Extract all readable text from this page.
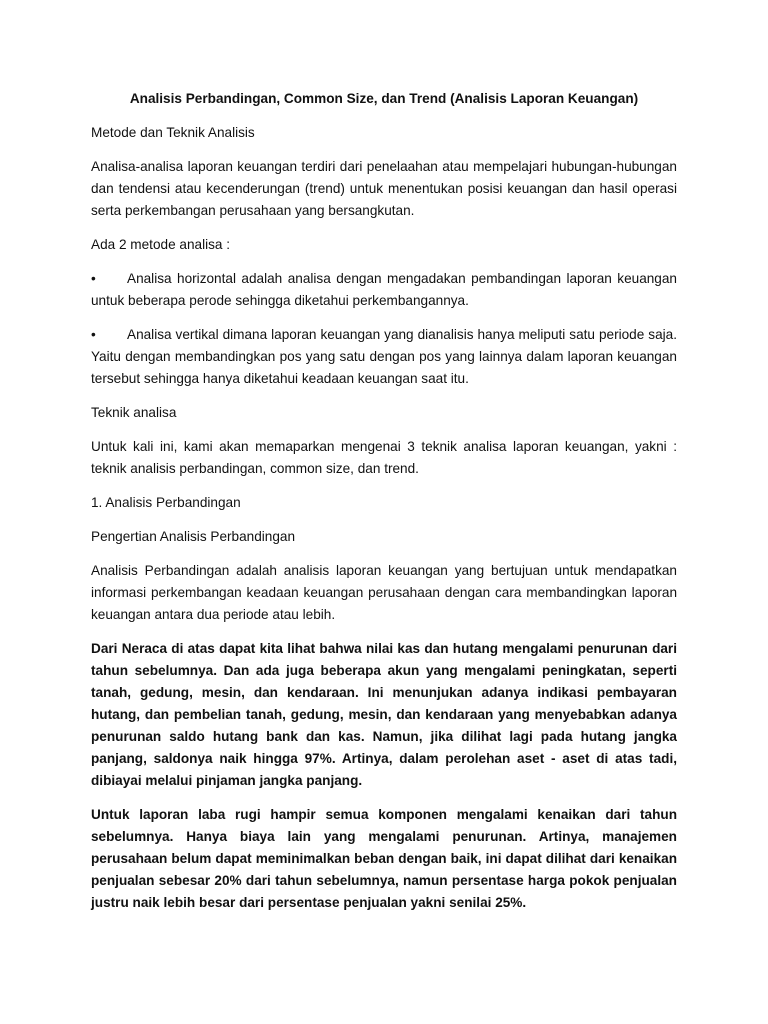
Analisis Perbandingan, Common Size, dan Trend (Analisis Laporan Keuangan)
Metode dan Teknik Analisis
Analisa-analisa laporan keuangan terdiri dari penelaahan atau mempelajari hubungan-hubungan dan tendensi atau kecenderungan (trend) untuk menentukan posisi keuangan dan hasil operasi serta perkembangan perusahaan yang bersangkutan.
Ada 2 metode analisa :
• Analisa horizontal adalah analisa dengan mengadakan pembandingan laporan keuangan untuk beberapa perode sehingga diketahui perkembangannya.
• Analisa vertikal dimana laporan keuangan yang dianalisis hanya meliputi satu periode saja. Yaitu dengan membandingkan pos yang satu dengan pos yang lainnya dalam laporan keuangan tersebut sehingga hanya diketahui keadaan keuangan saat itu.
Teknik analisa
Untuk kali ini, kami akan memaparkan mengenai 3 teknik analisa laporan keuangan, yakni : teknik analisis perbandingan, common size, dan trend.
1. Analisis Perbandingan
Pengertian Analisis Perbandingan
Analisis Perbandingan adalah analisis laporan keuangan yang bertujuan untuk mendapatkan informasi perkembangan keadaan keuangan perusahaan dengan cara membandingkan laporan keuangan antara dua periode atau lebih.
Dari Neraca di atas dapat kita lihat bahwa nilai kas dan hutang mengalami penurunan dari tahun sebelumnya. Dan ada juga beberapa akun yang mengalami peningkatan, seperti tanah, gedung, mesin, dan kendaraan. Ini menunjukan adanya indikasi pembayaran hutang, dan pembelian tanah, gedung, mesin, dan kendaraan yang menyebabkan adanya penurunan saldo hutang bank dan kas. Namun, jika dilihat lagi pada hutang jangka panjang, saldonya naik hingga 97%. Artinya, dalam perolehan aset - aset di atas tadi, dibiayai melalui pinjaman jangka panjang.
Untuk laporan laba rugi hampir semua komponen mengalami kenaikan dari tahun sebelumnya. Hanya biaya lain yang mengalami penurunan. Artinya, manajemen perusahaan belum dapat meminimalkan beban dengan baik, ini dapat dilihat dari kenaikan penjualan sebesar 20% dari tahun sebelumnya, namun persentase harga pokok penjualan justru naik lebih besar dari persentase penjualan yakni senilai 25%.
